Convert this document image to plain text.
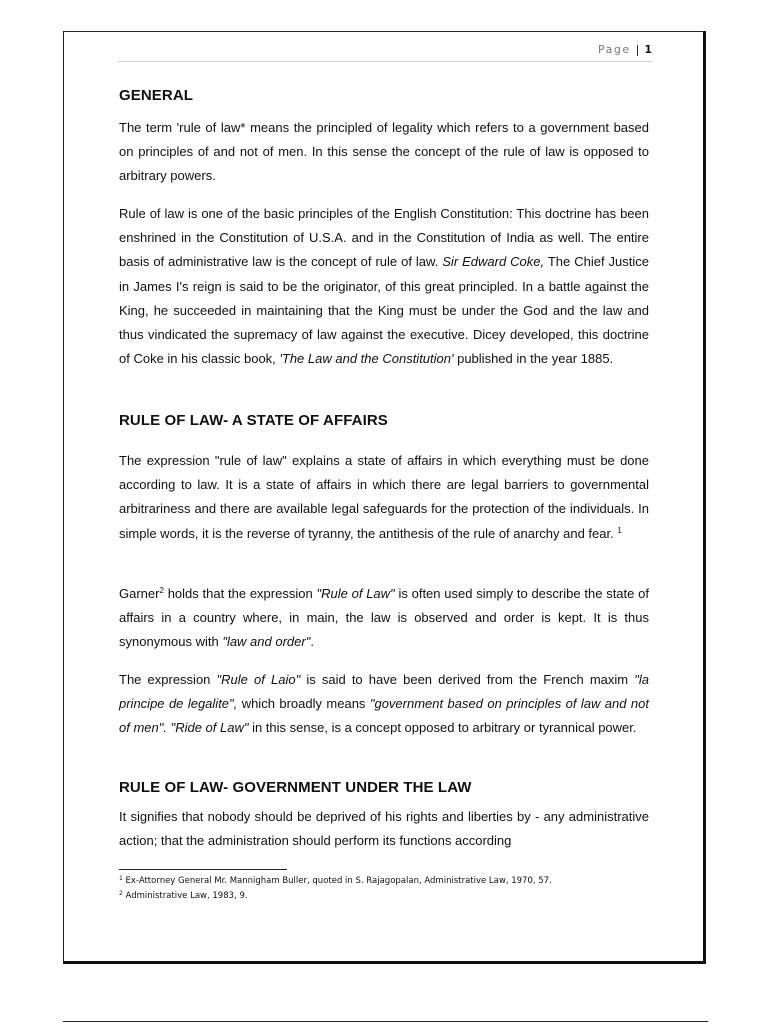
Page | 1
GENERAL

The term 'rule of law* means the principled of legality which refers to a government based on principles of and not of men. In this sense the concept of the rule of law is opposed to arbitrary powers.

Rule of law is one of the basic principles of the English Constitution: This doctrine has been enshrined in the Constitution of U.S.A. and in the Constitution of India as well. The entire basis of administrative law is the concept of rule of law. Sir Edward Coke, The Chief Justice in James I's reign is said to be the originator, of this great principled. In a battle against the King, he succeeded in maintaining that the King must be under the God and the law and thus vindicated the supremacy of law against the executive. Dicey developed, this doctrine of Coke in his classic book, 'The Law and the Constitution' published in the year 1885.

RULE OF LAW- A STATE OF AFFAIRS

The expression "rule of law" explains a state of affairs in which everything must be done according to law. It is a state of affairs in which there are legal barriers to governmental arbitrariness and there are available legal safeguards for the protection of the individuals. In simple words, it is the reverse of tyranny, the antithesis of the rule of anarchy and fear. $^1$

Garner$^2$ holds that the expression "Rule of Law" is often used simply to describe the state of affairs in a country where, in main, the law is observed and order is kept. It is thus synonymous with "law and order".

The expression "Rule of Laio" is said to have been derived from the French maxim "la principe de legalite", which broadly means "government based on principles of law and not of men". "Ride of Law" in this sense, is a concept opposed to arbitrary or tyrannical power.

RULE OF LAW- GOVERNMENT UNDER THE LAW

It signifies that nobody should be deprived of his rights and liberties by - any administrative action; that the administration should perform its functions according

$^1$ Ex-Attorney General Mr. Mannigham Buller, quoted in S. Rajagopalan, Administrative Law, 1970, 57.

$^2$ Administrative Law, 1983, 9.
